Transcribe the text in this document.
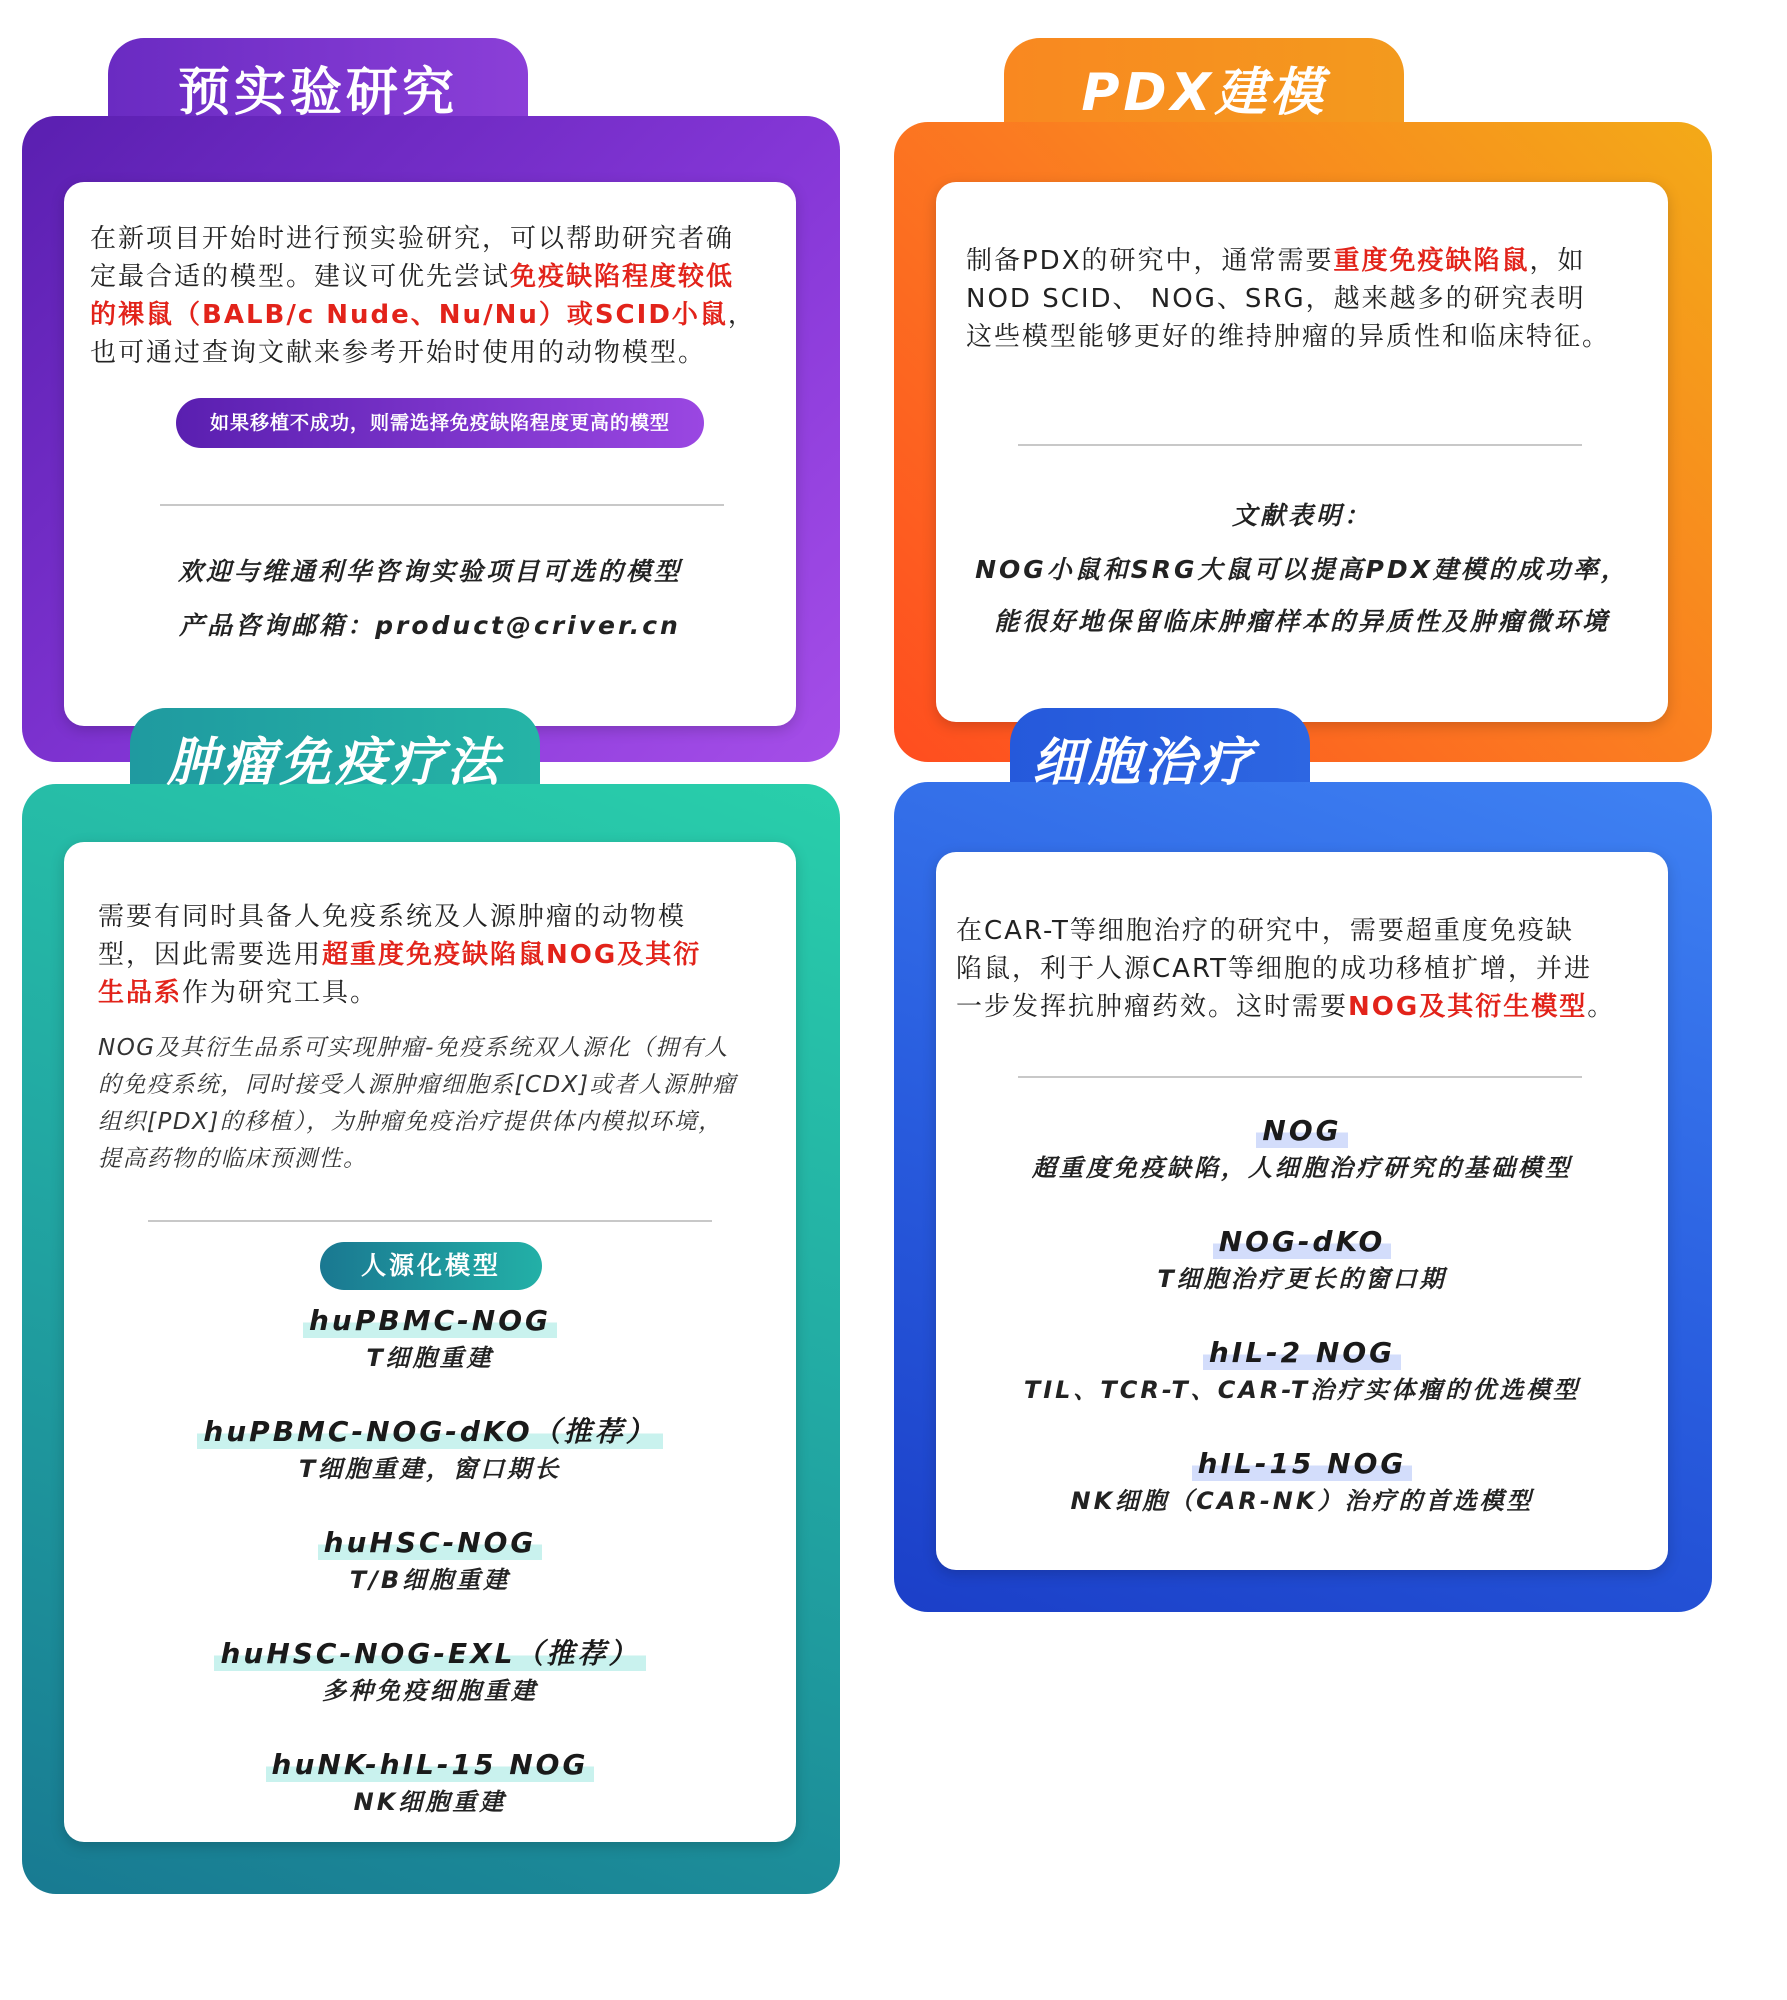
预实验研究
在新项目开始时进行预实验研究，可以帮助研究者确
定最合适的模型。建议可优先尝试免疫缺陷程度较低
的裸鼠（BALB/c Nude、Nu/Nu）或SCID小鼠，
也可通过查询文献来参考开始时使用的动物模型。
如果移植不成功，则需选择免疫缺陷程度更高的模型
欢迎与维通利华咨询实验项目可选的模型
产品咨询邮箱：product@criver.cn
PDX建模
制备PDX的研究中，通常需要重度免疫缺陷鼠，如
NOD SCID、 NOG、SRG，越来越多的研究表明
这些模型能够更好的维持肿瘤的异质性和临床特征。
文献表明：
NOG小鼠和SRG大鼠可以提高PDX建模的成功率，
能很好地保留临床肿瘤样本的异质性及肿瘤微环境
肿瘤免疫疗法
需要有同时具备人免疫系统及人源肿瘤的动物模
型，因此需要选用超重度免疫缺陷鼠NOG及其衍
生品系作为研究工具。
NOG及其衍生品系可实现肿瘤-免疫系统双人源化（拥有人
的免疫系统，同时接受人源肿瘤细胞系[CDX]或者人源肿瘤
组织[PDX]的移植），为肿瘤免疫治疗提供体内模拟环境，
提高药物的临床预测性。
人源化模型
huPBMC-NOG
T细胞重建
huPBMC-NOG-dKO（推荐）
T细胞重建，窗口期长
huHSC-NOG
T/B细胞重建
huHSC-NOG-EXL（推荐）
多种免疫细胞重建
huNK-hIL-15 NOG
NK细胞重建
细胞治疗
在CAR-T等细胞治疗的研究中，需要超重度免疫缺
陷鼠，利于人源CART等细胞的成功移植扩增，并进
一步发挥抗肿瘤药效。这时需要NOG及其衍生模型。
NOG
超重度免疫缺陷，人细胞治疗研究的基础模型
NOG-dKO
T细胞治疗更长的窗口期
hIL-2 NOG
TIL、TCR-T、CAR-T治疗实体瘤的优选模型
hIL-15 NOG
NK细胞（CAR-NK）治疗的首选模型
